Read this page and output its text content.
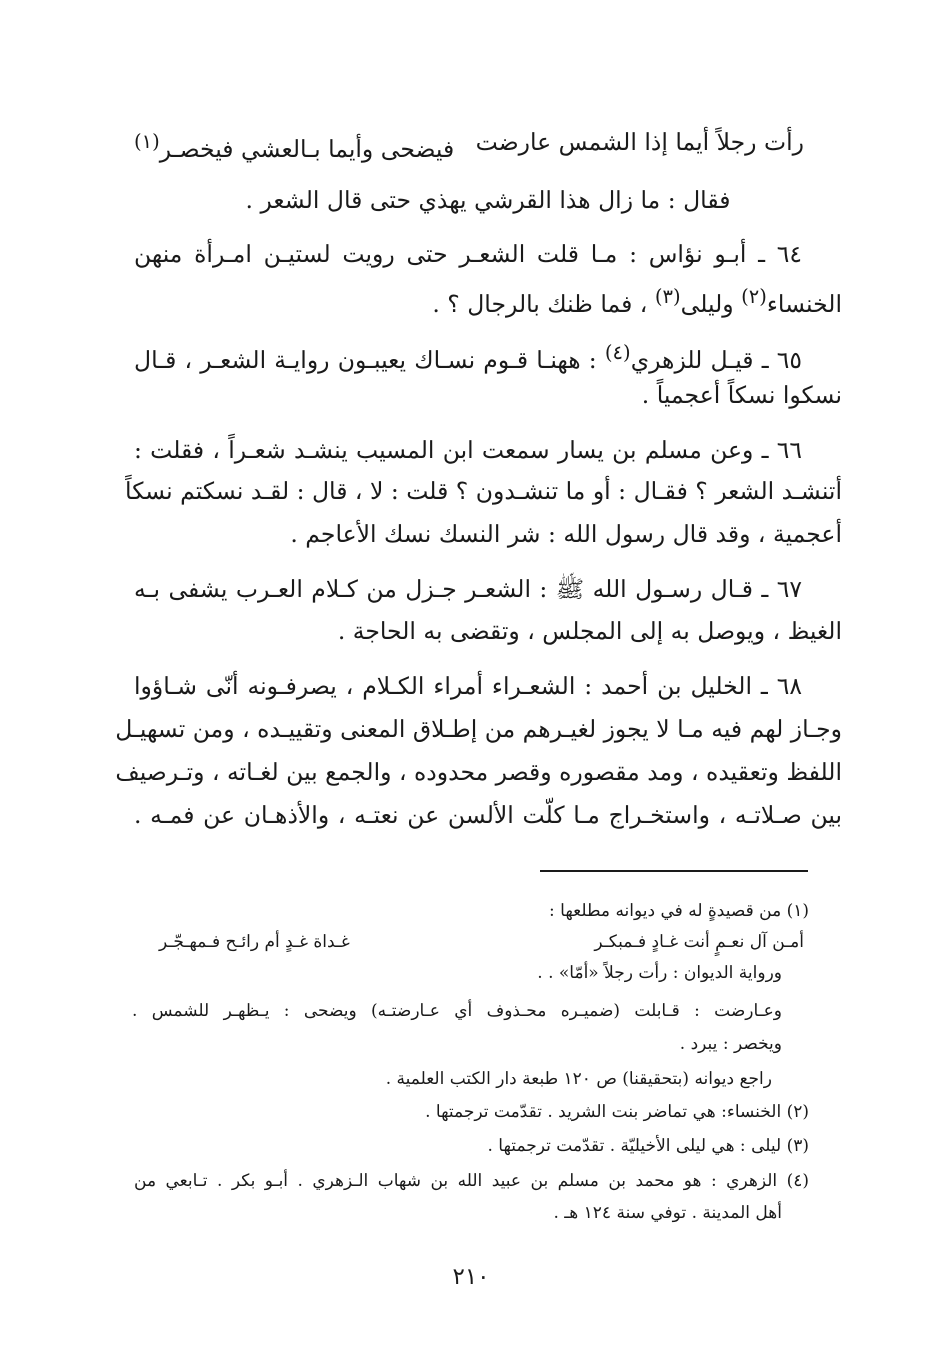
رأت رجلاً أيما إذا الشمس عارضت
فيضحى وأيما بـالعشي فيخصـر$^{(١)}$
فقال : ما زال هذا القرشي يهذي حتى قال الشعر .
٦٤ ـ أبـو نؤاس : مـا قلت الشعـر حتى رويت لستيـن امـرأة منهن
الخنساء$^{(٢)}$ وليلى$^{(٣)}$ ، فما ظنك بالرجال ؟ .
٦٥ ـ قيـل للزهري$^{(٤)}$ : ههنـا قـوم نسـاك يعيبـون روايـة الشعـر ، قـال
نسكوا نسكاً أعجمياً .
٦٦ ـ وعن مسلم بن يسار سمعت ابن المسيب ينشـد شعـراً ، فقلت :
أتنشـد الشعر ؟ فقـال : أو ما تنشـدون ؟ قلت : لا ، قال : لقـد نسكتم نسكاً
أعجمية ، وقد قال رسول الله : شر النسك نسك الأعاجم .
٦٧ ـ قـال رسـول الله ﷺ : الشعـر جـزل من كـلام العـرب يشفى بـه
الغيظ ، ويوصل به إلى المجلس ، وتقضى به الحاجة .
٦٨ ـ الخليل بن أحمد : الشعـراء أمراء الكـلام ، يصرفـونه أنّى شـاؤوا
وجـاز لهم فيه مـا لا يجوز لغيـرهم من إطـلاق المعنى وتقييـده ، ومن تسهيـل
اللفظ وتعقيده ، ومد مقصوره وقصر محدوده ، والجمع بين لغـاته ، وتـرصيف
بين صـلاتـه ، واستخـراج مـا كلّت الألسن عن نعتـه ، والأذهـان عن فمـه .
(١) من قصيدةٍ له في ديوانه مطلعها :
أمـن آل نعـمٍ أنت غـادٍ فـمبكـر
غـداة غـدٍ أم رائـح فـمهـجّـر
ورواية الديوان : رأت رجلاً «أمّا» . .
وعـارضت : قـابلت (ضميـره محـذوف أي عـارضتـه) ويضحى : يـظهـر للشمس .
ويخصر : يبرد .
راجع ديوانه (بتحقيقنا) ص ١٢٠ طبعة دار الكتب العلمية .
(٢) الخنساء: هي تماضر بنت الشريد . تقدّمت ترجمتها .
(٣) ليلى : هي ليلى الأخيليّة . تقدّمت ترجمتها .
(٤) الزهري : هو محمد بن مسلم بن عبيد الله بن شهاب الـزهري . أبـو بكر . تـابعي من
أهل المدينة . توفي سنة ١٢٤ هـ .
٢١٠
